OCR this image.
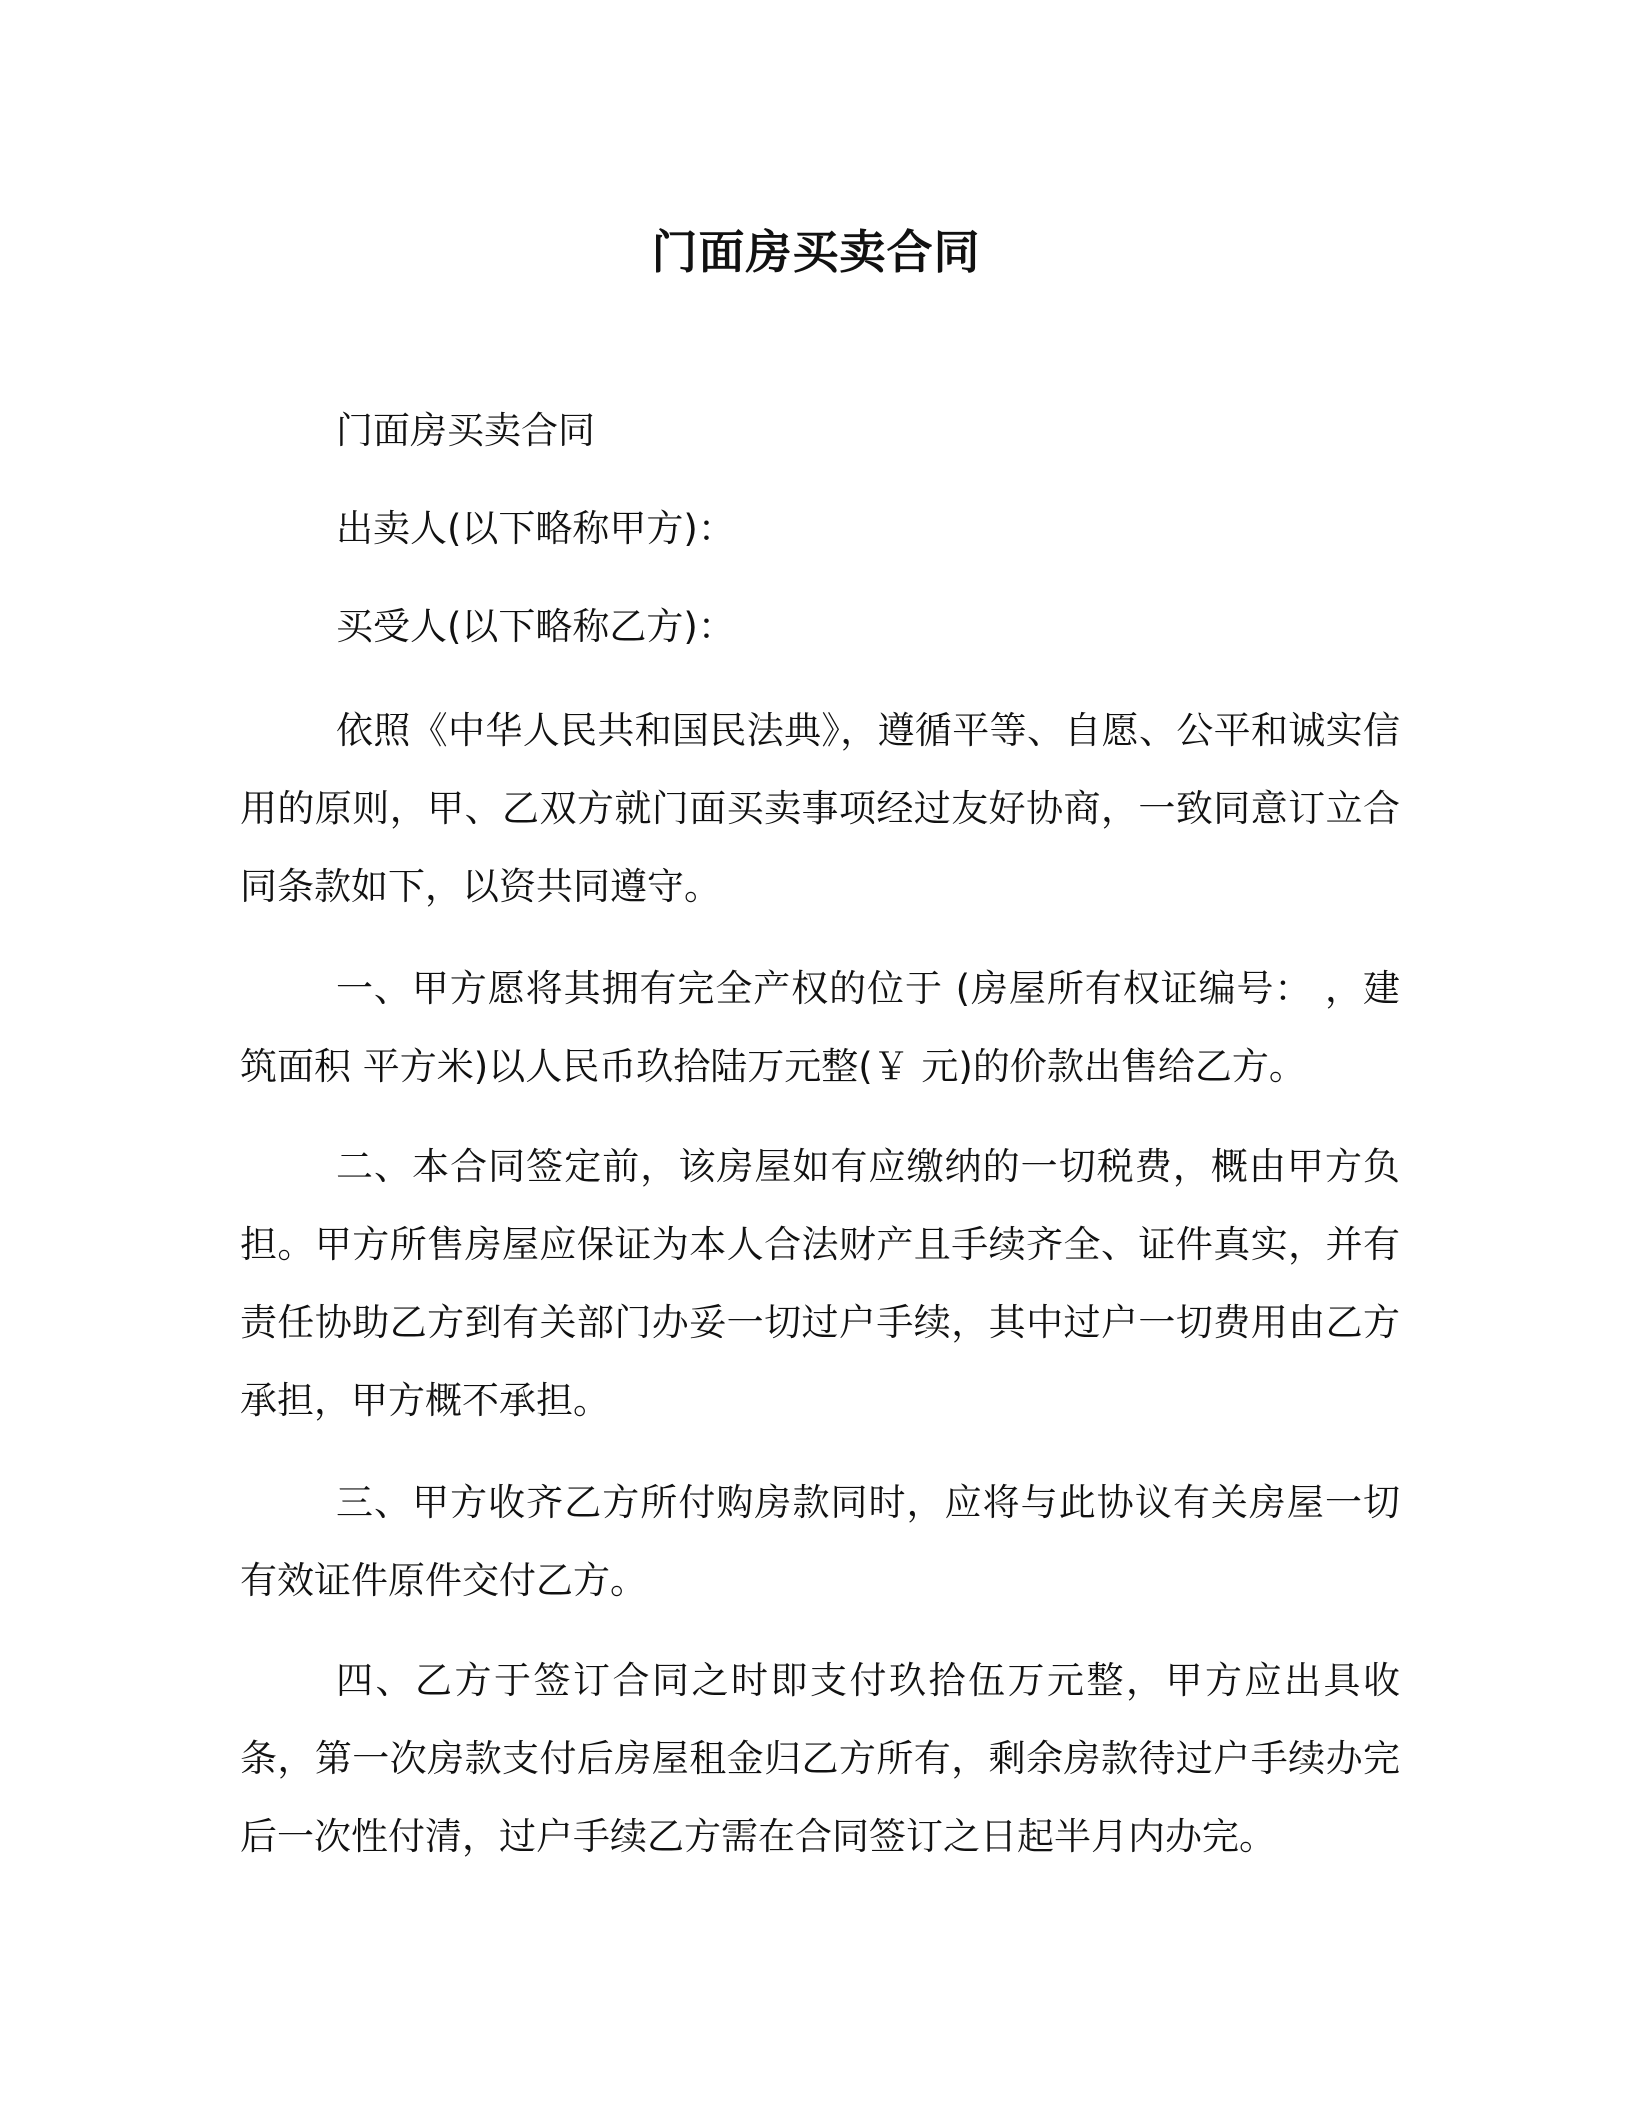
门面房买卖合同

门面房买卖合同

出卖人(以下略称甲方)：

买受人(以下略称乙方)：

依照《中华人民共和国民法典》，遵循平等、自愿、公平和诚实信用的原则，甲、乙双方就门面买卖事项经过友好协商，一致同意订立合同条款如下，以资共同遵守。

一、甲方愿将其拥有完全产权的位于 (房屋所有权证编号： ，建筑面积 平方米)以人民币玖拾陆万元整(￥ 元)的价款出售给乙方。

二、本合同签定前，该房屋如有应缴纳的一切税费，概由甲方负担。甲方所售房屋应保证为本人合法财产且手续齐全、证件真实，并有责任协助乙方到有关部门办妥一切过户手续，其中过户一切费用由乙方承担，甲方概不承担。

三、甲方收齐乙方所付购房款同时，应将与此协议有关房屋一切有效证件原件交付乙方。

四、乙方于签订合同之时即支付玖拾伍万元整，甲方应出具收条，第一次房款支付后房屋租金归乙方所有，剩余房款待过户手续办完后一次性付清，过户手续乙方需在合同签订之日起半月内办完。
